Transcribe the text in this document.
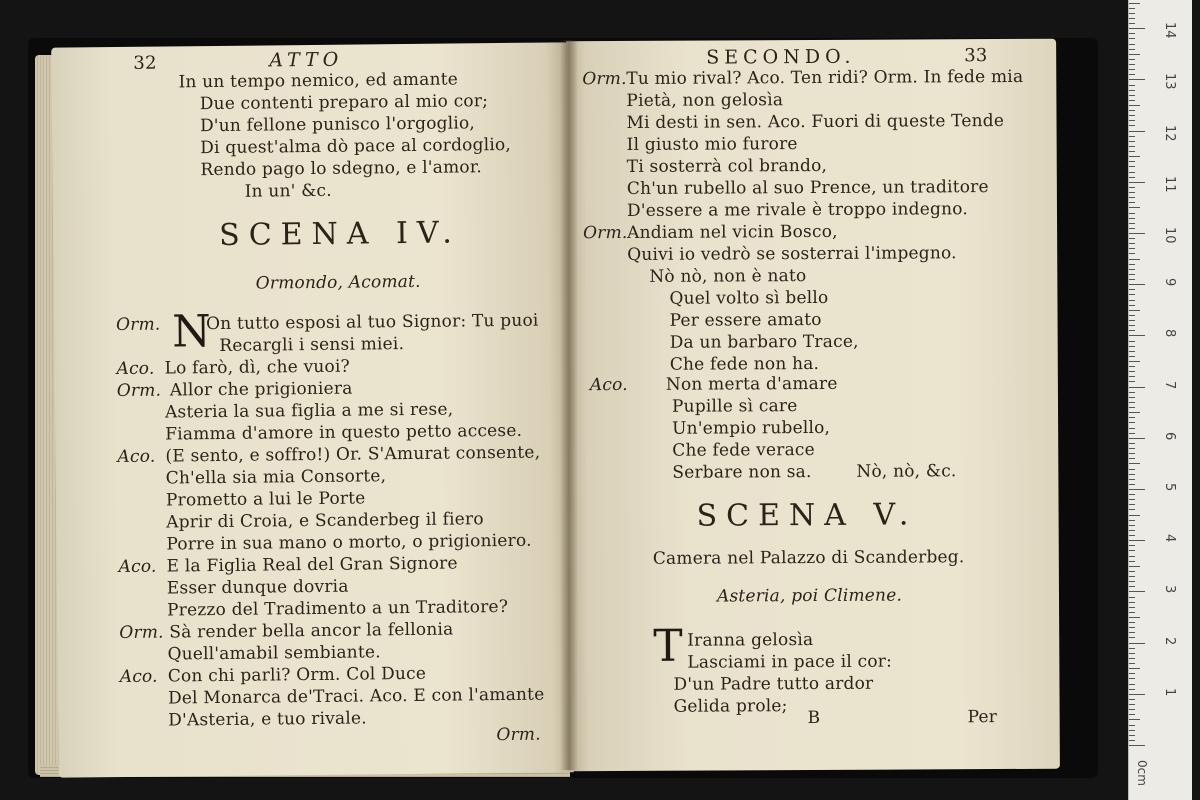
32	ATTO
In un tempo nemico, ed amante
Due contenti preparo al mio cor;
D'un fellone punisco l'orgoglio,
Di quest'alma dò pace al cordoglio,
Rendo pago lo sdegno, e l'amor.
In un' &c.
SCENA IV.
Ormondo, Acomat.
N
Orm.	On tutto esposi al tuo Signor: Tu puoi
Recargli i sensi miei.
Aco. Lo farò, dì, che vuoi?
Orm. Allor che prigioniera
Asteria la sua figlia a me si rese,
Fiamma d'amore in questo petto accese.
Aco. (E sento, e soffro!) Or. S'Amurat consente,
Ch'ella sia mia Consorte,
Prometto a lui le Porte
Aprir di Croia, e Scanderbeg il fiero
Porre in sua mano o morto, o prigioniero.
Aco. E la Figlia Real del Gran Signore
Esser dunque dovria
Prezzo del Tradimento a un Traditore?
Orm. Sà render bella ancor la fellonia
Quell'amabil sembiante.
Aco. Con chi parli? Orm. Col Duce
Del Monarca de'Traci. Aco. E con l'amante
D'Asteria, e tuo rivale.
Orm.
SECONDO.	33
Orm. Tu mio rival? Aco. Ten ridi? Orm. In fede mia
Pietà, non gelosìa
Mi desti in sen. Aco. Fuori di queste Tende
Il giusto mio furore
Ti sosterrà col brando,
Ch'un rubello al suo Prence, un traditore
D'essere a me rivale è troppo indegno.
Orm. Andiam nel vicin Bosco,
Quivi io vedrò se sosterrai l'impegno.
Nò nò, non è nato
Quel volto sì bello
Per essere amato
Da un barbaro Trace,
Che fede non ha.
Aco. Non merta d'amare
Pupille sì care
Un'empio rubello,
Che fede verace
Serbare non sa.	Nò, nò, &c.
SCENA V.
Camera nel Palazzo di Scanderbeg.
Asteria, poi Climene.
T Iranna gelosìa
Lasciami in pace il cor:
D'un Padre tutto ardor
Gelida prole;
B	Per
0cm
1
2
3
4
5
6
7
8
9
10
11
12
13
14
